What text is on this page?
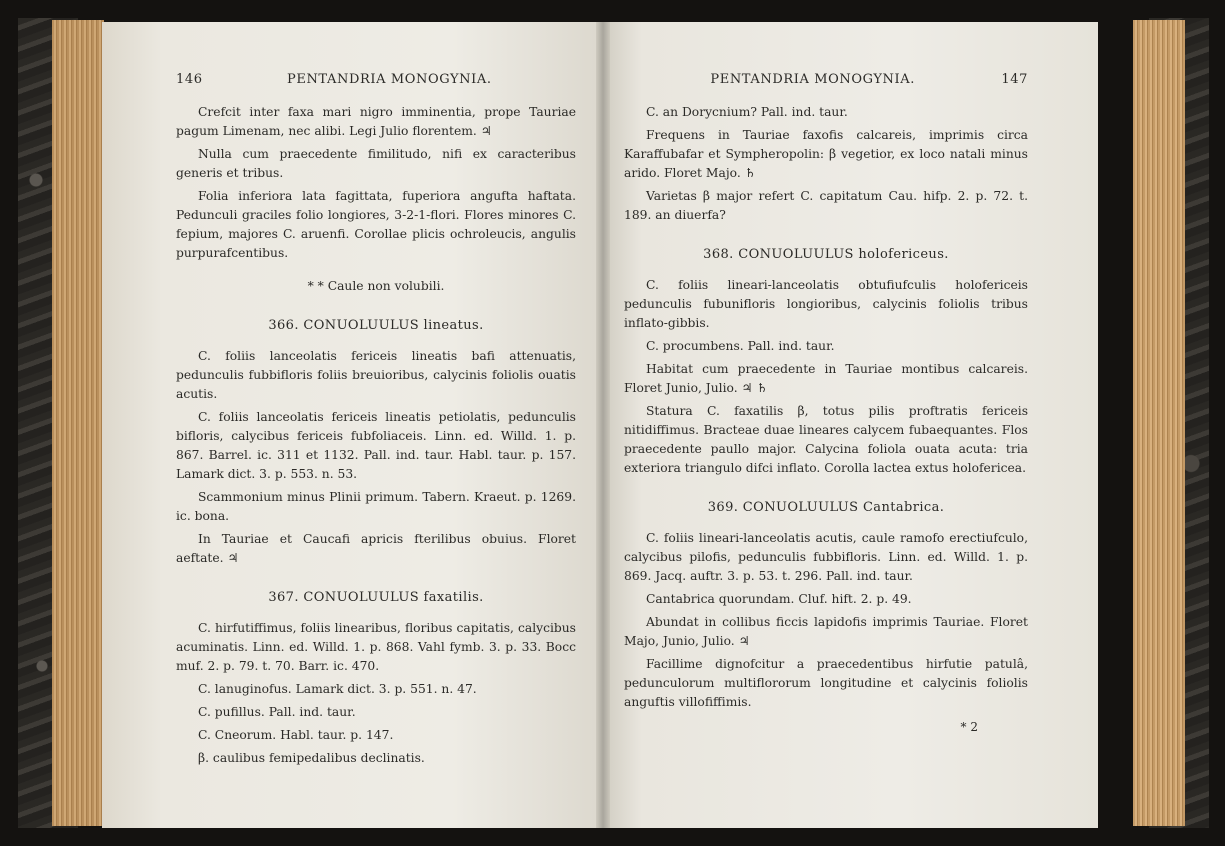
146	PENTANDRIA MONOGYNIA.

Crefcit inter faxa mari nigro imminentia, prope Tauriae pagum Limenam, nec alibi. Legi Julio florentem. ♃

Nulla cum praecedente fimilitudo, nifi ex caracteribus generis et tribus.

Folia inferiora lata fagittata, fuperiora angufta haftata. Pedunculi graciles folio longiores, 3-2-1-flori. Flores minores C. fepium, majores C. aruenfi. Corollae plicis ochroleucis, angulis purpurafcentibus.

* * Caule non volubili.

366. CONUOLUULUS lineatus.

C. foliis lanceolatis fericeis lineatis bafi attenuatis, pedunculis fubbifloris foliis breuioribus, calycinis foliolis ouatis acutis.

C. foliis lanceolatis fericeis lineatis petiolatis, pedunculis bifloris, calycibus fericeis fubfoliaceis. Linn. ed. Willd. 1. p. 867. Barrel. ic. 311 et 1132. Pall. ind. taur. Habl. taur. p. 157. Lamark dict. 3. p. 553. n. 53.

Scammonium minus Plinii primum. Tabern. Kraeut. p. 1269. ic. bona.

In Tauriae et Caucafi apricis fterilibus obuius. Floret aeftate. ♃

367. CONUOLUULUS faxatilis.

C. hirfutiffimus, foliis linearibus, floribus capitatis, calycibus acuminatis. Linn. ed. Willd. 1. p. 868. Vahl fymb. 3. p. 33. Bocc muf. 2. p. 79. t. 70. Barr. ic. 470.

C. lanuginofus. Lamark dict. 3. p. 551. n. 47.

C. pufillus. Pall. ind. taur.

C. Cneorum. Habl. taur. p. 147.

β. caulibus femipedalibus declinatis.

PENTANDRIA MONOGYNIA.	147

C. an Dorycnium? Pall. ind. taur.

Frequens in Tauriae faxofis calcareis, imprimis circa Karaffubafar et Sympheropolin: β vegetior, ex loco natali minus arido. Floret Majo. ♄

Varietas β major refert C. capitatum Cau. hifp. 2. p. 72. t. 189. an diuerfa?

368. CONUOLUULUS holofericeus.

C. foliis lineari-lanceolatis obtufiufculis holofericeis pedunculis fubunifloris longioribus, calycinis foliolis tribus inflato-gibbis.

C. procumbens. Pall. ind. taur.

Habitat cum praecedente in Tauriae montibus calcareis. Floret Junio, Julio. ♃ ♄

Statura C. faxatilis β, totus pilis proftratis fericeis nitidiffimus. Bracteae duae lineares calycem fubaequantes. Flos praecedente paullo major. Calycina foliola ouata acuta: tria exteriora triangulo difci inflato. Corolla lactea extus holofericea.

369. CONUOLUULUS Cantabrica.

C. foliis lineari-lanceolatis acutis, caule ramofo erectiufculo, calycibus pilofis, pedunculis fubbifloris. Linn. ed. Willd. 1. p. 869. Jacq. auftr. 3. p. 53. t. 296. Pall. ind. taur.

Cantabrica quorundam. Cluf. hift. 2. p. 49.

Abundat in collibus ficcis lapidofis imprimis Tauriae. Floret Majo, Junio, Julio. ♃

Facillime dignofcitur a praecedentibus hirfutie patulâ, pedunculorum multiflororum longitudine et calycinis foliolis anguftis villofiffimis.

* 2
